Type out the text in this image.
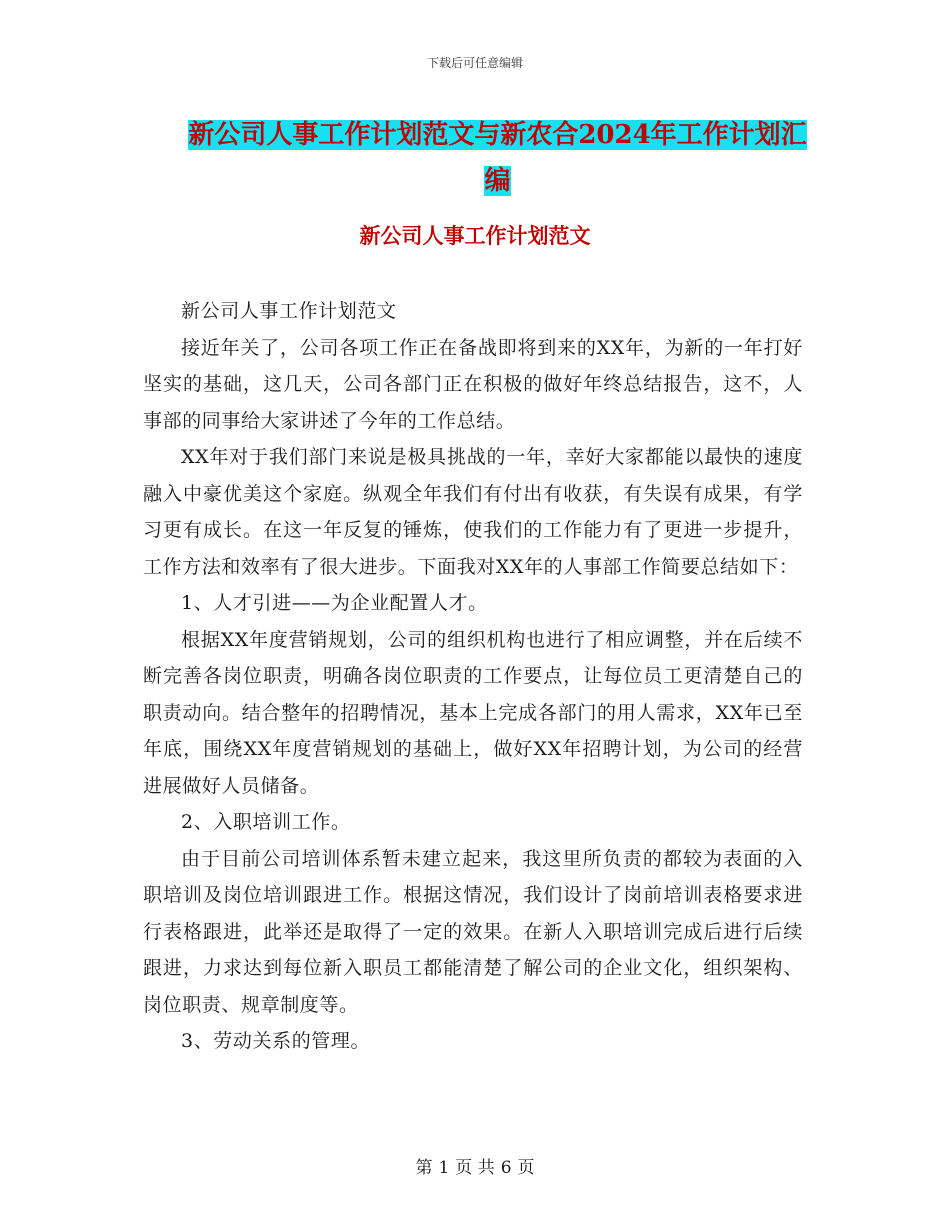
下载后可任意编辑
新公司人事工作计划范文与新农合2024年工作计划汇编
新公司人事工作计划范文

新公司人事工作计划范文

接近年关了，公司各项工作正在备战即将到来的XX年，为新的一年打好坚实的基础，这几天，公司各部门正在积极的做好年终总结报告，这不，人事部的同事给大家讲述了今年的工作总结。

XX年对于我们部门来说是极具挑战的一年，幸好大家都能以最快的速度融入中豪优美这个家庭。纵观全年我们有付出有收获，有失误有成果，有学习更有成长。在这一年反复的锤炼，使我们的工作能力有了更进一步提升，工作方法和效率有了很大进步。下面我对XX年的人事部工作简要总结如下：

1、人才引进——为企业配置人才。

根据XX年度营销规划，公司的组织机构也进行了相应调整，并在后续不断完善各岗位职责，明确各岗位职责的工作要点，让每位员工更清楚自己的职责动向。结合整年的招聘情况，基本上完成各部门的用人需求，XX年已至年底，围绕XX年度营销规划的基础上，做好XX年招聘计划，为公司的经营进展做好人员储备。

2、入职培训工作。

由于目前公司培训体系暂未建立起来，我这里所负责的都较为表面的入职培训及岗位培训跟进工作。根据这情况，我们设计了岗前培训表格要求进行表格跟进，此举还是取得了一定的效果。在新人入职培训完成后进行后续跟进，力求达到每位新入职员工都能清楚了解公司的企业文化，组织架构、岗位职责、规章制度等。

3、劳动关系的管理。

第 1 页 共 6 页
